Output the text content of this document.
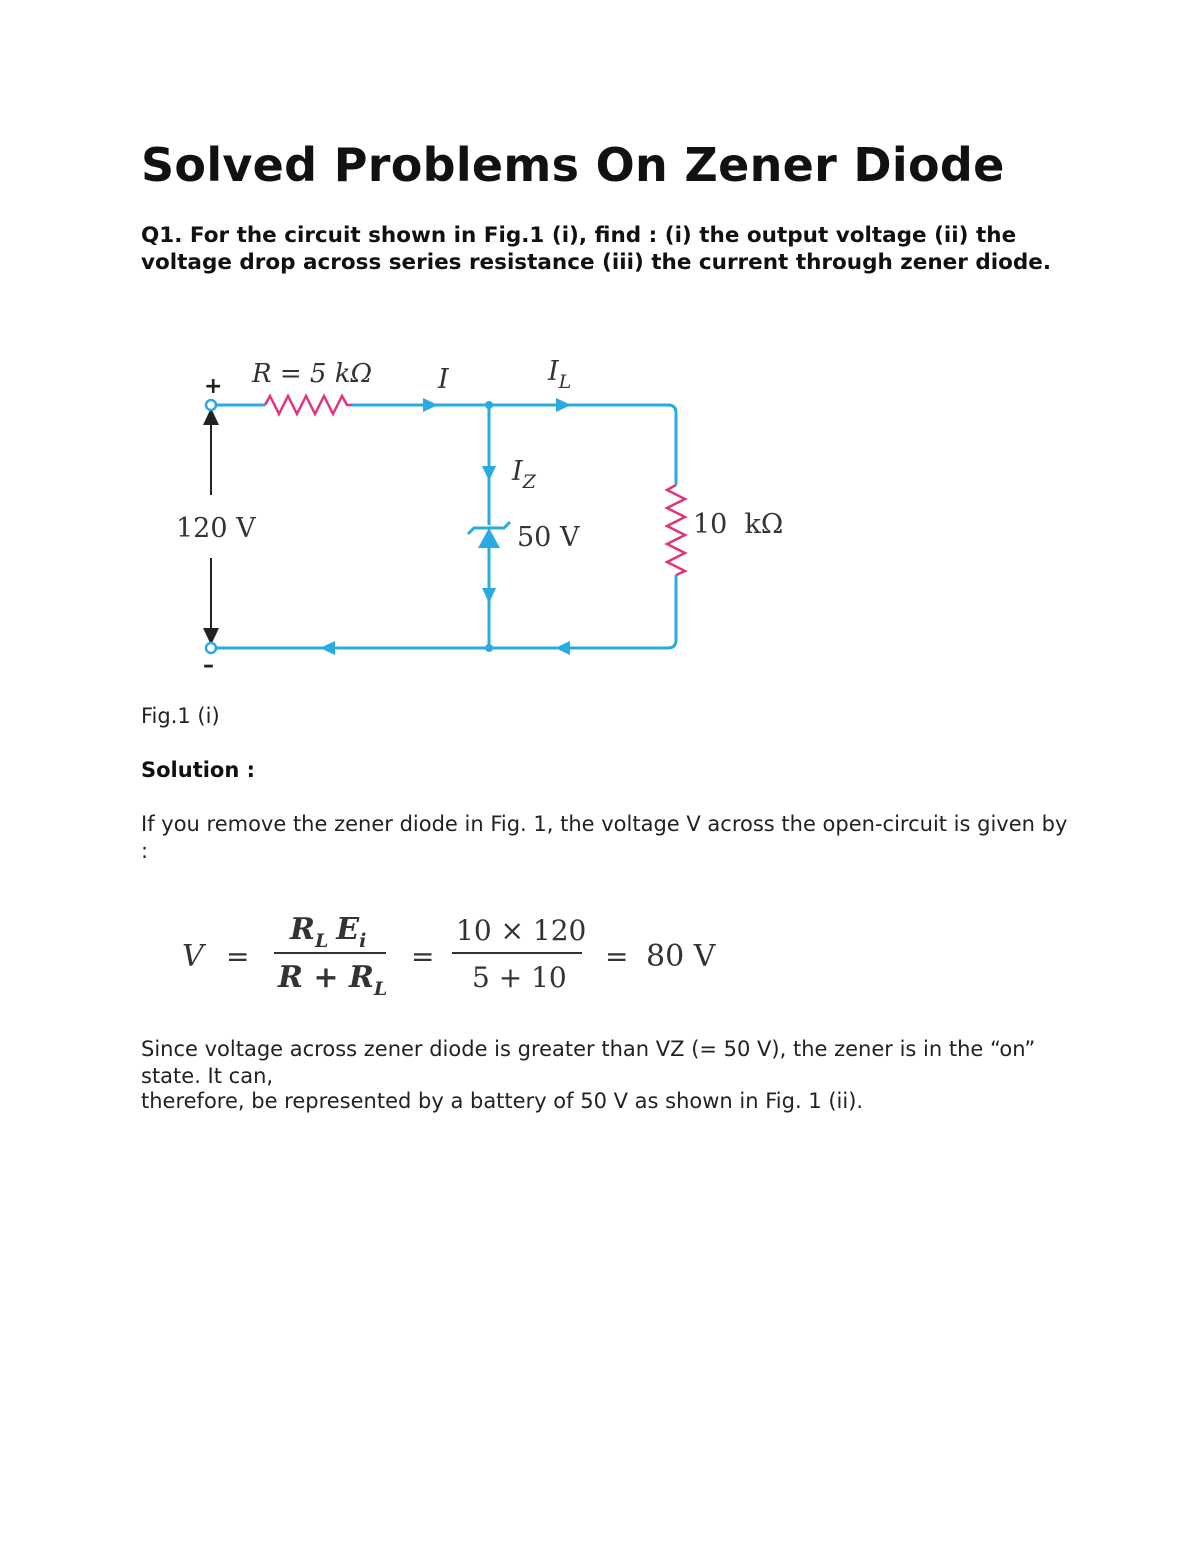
Solved Problems On Zener Diode

Q1. For the circuit shown in Fig.1 (i), find : (i) the output voltage (ii) the voltage drop across series resistance (iii) the current through zener diode.

+
–
R = 5 kΩ I	$I_L$
$I_Z$
120 V	50 V	10  kΩ

Fig.1 (i)

Solution :

If you remove the zener diode in Fig. 1, the voltage V across the open-circuit is given by :

V =
$R_L$ $E_i$
$R + R_L$
=
10 × 120
5 + 10
= 80 V

Since voltage across zener diode is greater than VZ (= 50 V), the zener is in the “on” state. It can,

therefore, be represented by a battery of 50 V as shown in Fig. 1 (ii).
